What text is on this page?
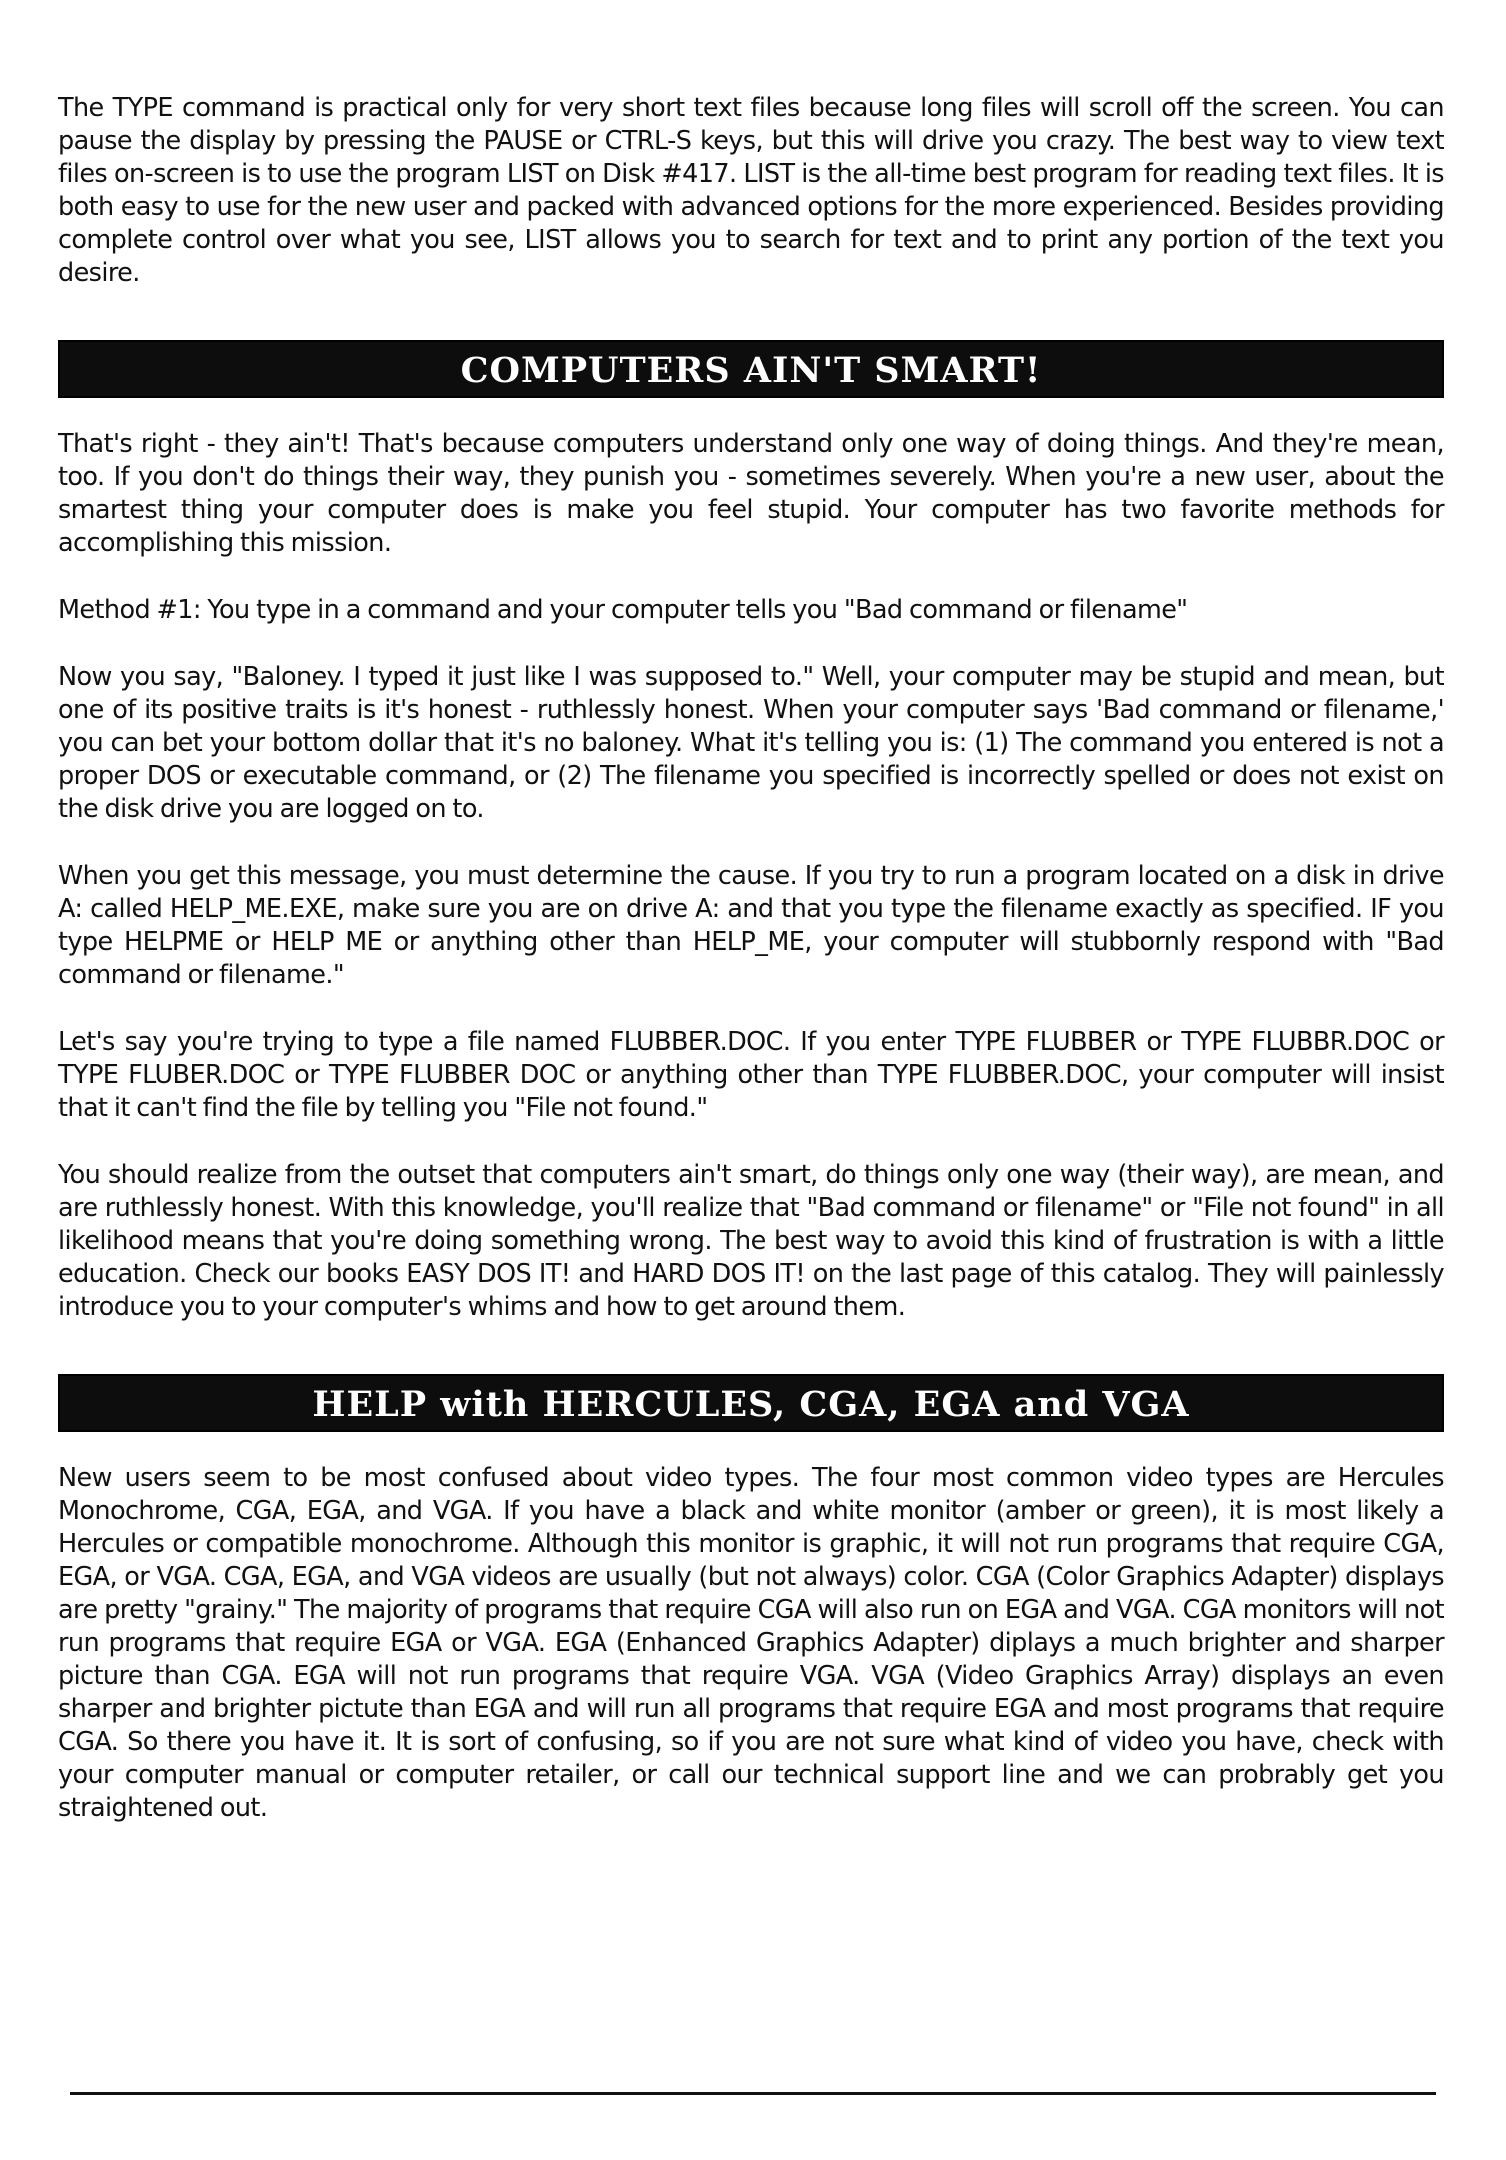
The TYPE command is practical only for very short text files because long files will scroll off the screen. You can pause the display by pressing the PAUSE or CTRL-S keys, but this will drive you crazy. The best way to view text files on-screen is to use the program LIST on Disk #417. LIST is the all-time best program for reading text files. It is both easy to use for the new user and packed with advanced options for the more experienced. Besides providing complete control over what you see, LIST allows you to search for text and to print any portion of the text you desire.

COMPUTERS AIN'T SMART!

That's right - they ain't! That's because computers understand only one way of doing things. And they're mean, too. If you don't do things their way, they punish you - sometimes severely. When you're a new user, about the smartest thing your computer does is make you feel stupid. Your computer has two favorite methods for accomplishing this mission.

Method #1: You type in a command and your computer tells you "Bad command or filename"

Now you say, "Baloney. I typed it just like I was supposed to." Well, your computer may be stupid and mean, but one of its positive traits is it's honest - ruthlessly honest. When your computer says 'Bad command or filename,' you can bet your bottom dollar that it's no baloney. What it's telling you is: (1) The command you entered is not a proper DOS or executable command, or (2) The filename you specified is incorrectly spelled or does not exist on the disk drive you are logged on to.

When you get this message, you must determine the cause. If you try to run a program located on a disk in drive A: called HELP_ME.EXE, make sure you are on drive A: and that you type the filename exactly as specified. IF you type HELPME or HELP ME or anything other than HELP_ME, your computer will stubbornly respond with "Bad command or filename."

Let's say you're trying to type a file named FLUBBER.DOC. If you enter TYPE FLUBBER or TYPE FLUBBR.DOC or TYPE FLUBER.DOC or TYPE FLUBBER DOC or anything other than TYPE FLUBBER.DOC, your computer will insist that it can't find the file by telling you "File not found."

You should realize from the outset that computers ain't smart, do things only one way (their way), are mean, and are ruthlessly honest. With this knowledge, you'll realize that "Bad command or filename" or "File not found" in all likelihood means that you're doing something wrong. The best way to avoid this kind of frustration is with a little education. Check our books EASY DOS IT! and HARD DOS IT! on the last page of this catalog. They will painlessly introduce you to your computer's whims and how to get around them.

HELP with HERCULES, CGA, EGA and VGA

New users seem to be most confused about video types. The four most common video types are Hercules Monochrome, CGA, EGA, and VGA. If you have a black and white monitor (amber or green), it is most likely a Hercules or compatible monochrome. Although this monitor is graphic, it will not run programs that require CGA, EGA, or VGA. CGA, EGA, and VGA videos are usually (but not always) color. CGA (Color Graphics Adapter) displays are pretty "grainy." The majority of programs that require CGA will also run on EGA and VGA. CGA monitors will not run programs that require EGA or VGA. EGA (Enhanced Graphics Adapter) diplays a much brighter and sharper picture than CGA. EGA will not run programs that require VGA. VGA (Video Graphics Array) displays an even sharper and brighter pictute than EGA and will run all programs that require EGA and most programs that require CGA. So there you have it. It is sort of confusing, so if you are not sure what kind of video you have, check with your computer manual or computer retailer, or call our technical support line and we can probrably get you straightened out.
